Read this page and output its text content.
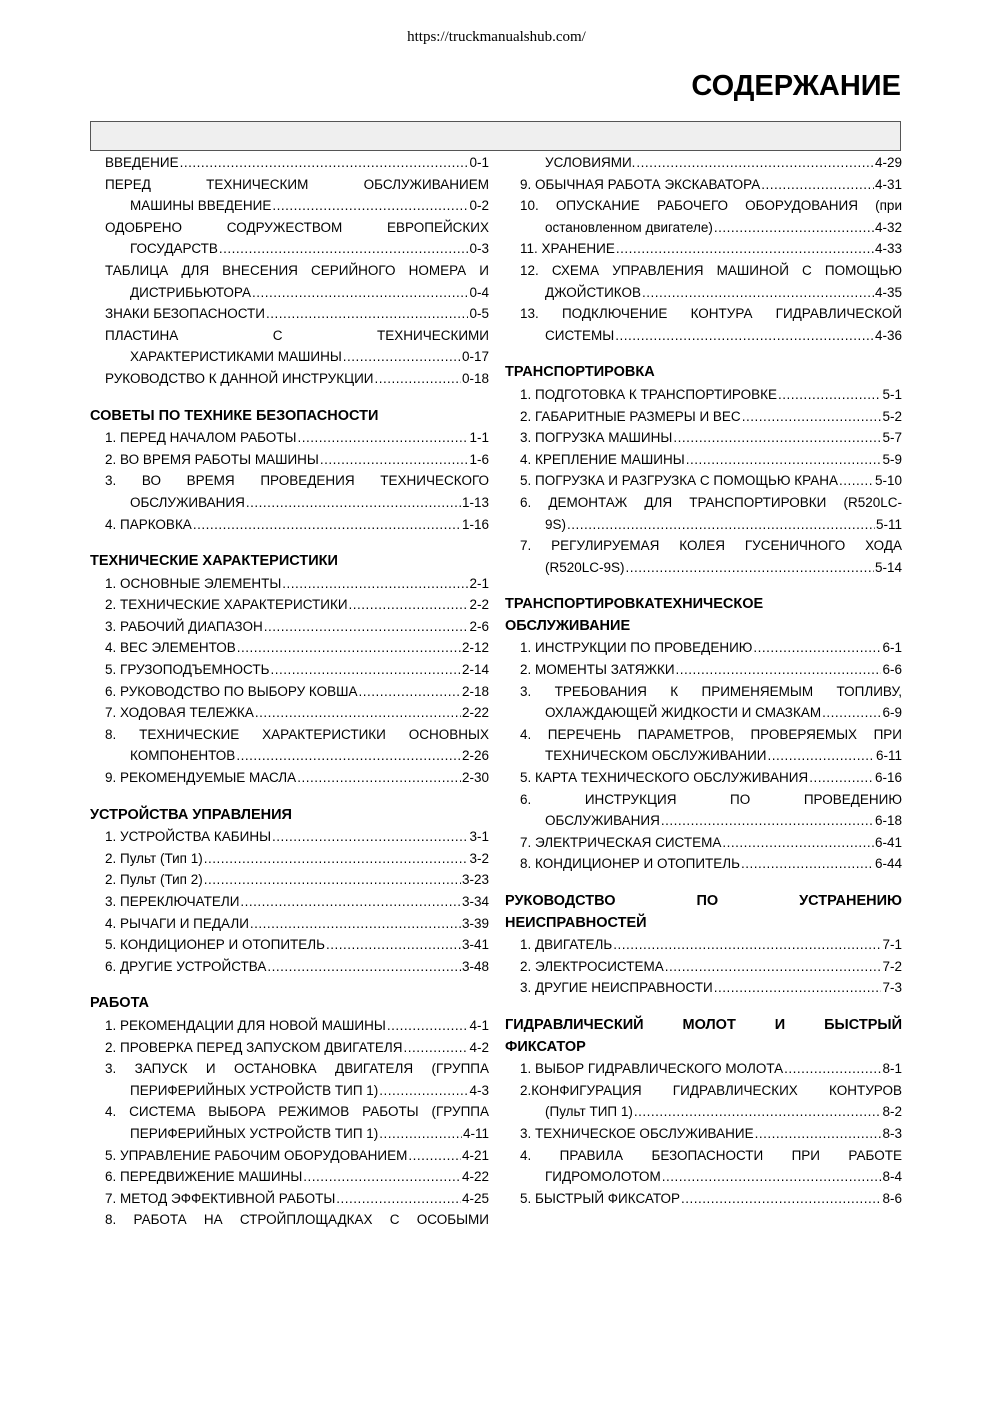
https://truckmanualshub.com/
СОДЕРЖАНИЕ
ВВЕДЕНИЕ .....	0-1
ПЕРЕД ТЕХНИЧЕСКИМ ОБСЛУЖИВАНИЕМ
МАШИНЫ ВВЕДЕНИЕ .....	0-2
ОДОБРЕНО СОДРУЖЕСТВОМ ЕВРОПЕЙСКИХ
ГОСУДАРСТВ .....	0-3
ТАБЛИЦА ДЛЯ ВНЕСЕНИЯ СЕРИЙНОГО НОМЕРА И
ДИСТРИБЬЮТОРА .....	0-4
ЗНАКИ БЕЗОПАСНОСТИ .....	0-5
ПЛАСТИНА С ТЕХНИЧЕСКИМИ
ХАРАКТЕРИСТИКАМИ МАШИНЫ .....	0-17
РУКОВОДСТВО К ДАННОЙ ИНСТРУКЦИИ .....	0-18
СОВЕТЫ ПО ТЕХНИКЕ БЕЗОПАСНОСТИ
1. ПЕРЕД НАЧАЛОМ РАБОТЫ .....	1-1
2. ВО ВРЕМЯ РАБОТЫ МАШИНЫ .....	1-6
3. ВО ВРЕМЯ ПРОВЕДЕНИЯ ТЕХНИЧЕСКОГО
ОБСЛУЖИВАНИЯ .....	1-13
4. ПАРКОВКА .....	1-16
ТЕХНИЧЕСКИЕ ХАРАКТЕРИСТИКИ
1. ОСНОВНЫЕ ЭЛЕМЕНТЫ .....	2-1
2. ТЕХНИЧЕСКИЕ ХАРАКТЕРИСТИКИ .....	2-2
3. РАБОЧИЙ ДИАПАЗОН .....	2-6
4. ВЕС ЭЛЕМЕНТОВ .....	2-12
5. ГРУЗОПОДЪЕМНОСТЬ .....	2-14
6. РУКОВОДСТВО ПО ВЫБОРУ КОВША .....	2-18
7. ХОДОВАЯ ТЕЛЕЖКА .....	2-22
8. ТЕХНИЧЕСКИЕ ХАРАКТЕРИСТИКИ ОСНОВНЫХ
КОМПОНЕНТОВ .....	2-26
9. РЕКОМЕНДУЕМЫЕ МАСЛА .....	2-30
УСТРОЙСТВА УПРАВЛЕНИЯ
1. УСТРОЙСТВА КАБИНЫ .....	3-1
2. Пульт (Тип 1) .....	3-2
2. Пульт (Тип 2) .....	3-23
3. ПЕРЕКЛЮЧАТЕЛИ .....	3-34
4. РЫЧАГИ И ПЕДАЛИ .....	3-39
5. КОНДИЦИОНЕР И ОТОПИТЕЛЬ .....	3-41
6. ДРУГИЕ УСТРОЙСТВА .....	3-48
РАБОТА
1. РЕКОМЕНДАЦИИ ДЛЯ НОВОЙ МАШИНЫ .....	4-1
2. ПРОВЕРКА ПЕРЕД ЗАПУСКОМ ДВИГАТЕЛЯ .....	4-2
3. ЗАПУСК И ОСТАНОВКА ДВИГАТЕЛЯ (ГРУППА
ПЕРИФЕРИЙНЫХ УСТРОЙСТВ ТИП 1) .....	4-3
4. СИСТЕМА ВЫБОРА РЕЖИМОВ РАБОТЫ (ГРУППА
ПЕРИФЕРИЙНЫХ УСТРОЙСТВ ТИП 1) .....	4-11
5. УПРАВЛЕНИЕ РАБОЧИМ ОБОРУДОВАНИЕМ .....	4-21
6. ПЕРЕДВИЖЕНИЕ МАШИНЫ .....	4-22
7. МЕТОД ЭФФЕКТИВНОЙ РАБОТЫ .....	4-25
8. РАБОТА НА СТРОЙПЛОЩАДКАХ С ОСОБЫМИ
УСЛОВИЯМИ. .....	4-29
9. ОБЫЧНАЯ РАБОТА ЭКСКАВАТОРА .....	4-31
10. ОПУСКАНИЕ РАБОЧЕГО ОБОРУДОВАНИЯ (при
остановленном двигателе) .....	4-32
11. ХРАНЕНИЕ .....	4-33
12. СХЕМА УПРАВЛЕНИЯ МАШИНОЙ С ПОМОЩЬЮ
ДЖОЙСТИКОВ .....	4-35
13. ПОДКЛЮЧЕНИЕ КОНТУРА ГИДРАВЛИЧЕСКОЙ
СИСТЕМЫ .....	4-36
ТРАНСПОРТИРОВКА
1. ПОДГОТОВКА К ТРАНСПОРТИРОВКЕ .....	5-1
2. ГАБАРИТНЫЕ РАЗМЕРЫ И ВЕС .....	5-2
3. ПОГРУЗКА МАШИНЫ .....	5-7
4. КРЕПЛЕНИЕ МАШИНЫ .....	5-9
5. ПОГРУЗКА И РАЗГРУЗКА С ПОМОЩЬЮ КРАНА .....	5-10
6. ДЕМОНТАЖ ДЛЯ ТРАНСПОРТИРОВКИ (R520LC-
9S) .....	5-11
7. РЕГУЛИРУЕМАЯ КОЛЕЯ ГУСЕНИЧНОГО ХОДА
(R520LC-9S) .....	5-14
ТРАНСПОРТИРОВКАТЕХНИЧЕСКОЕ
ОБСЛУЖИВАНИЕ
1. ИНСТРУКЦИИ ПО ПРОВЕДЕНИЮ .....	6-1
2. МОМЕНТЫ ЗАТЯЖКИ .....	6-6
3. ТРЕБОВАНИЯ К ПРИМЕНЯЕМЫМ ТОПЛИВУ,
ОХЛАЖДАЮЩЕЙ ЖИДКОСТИ И СМАЗКАМ .....	6-9
4. ПЕРЕЧЕНЬ ПАРАМЕТРОВ, ПРОВЕРЯЕМЫХ ПРИ
ТЕХНИЧЕСКОМ ОБСЛУЖИВАНИИ .....	6-11
5. КАРТА ТЕХНИЧЕСКОГО ОБСЛУЖИВАНИЯ .....	6-16
6. ИНСТРУКЦИЯ ПО ПРОВЕДЕНИЮ
ОБСЛУЖИВАНИЯ .....	6-18
7. ЭЛЕКТРИЧЕСКАЯ СИСТЕМА .....	6-41
8. КОНДИЦИОНЕР И ОТОПИТЕЛЬ .....	6-44
РУКОВОДСТВО ПО УСТРАНЕНИЮ
НЕИСПРАВНОСТЕЙ
1. ДВИГАТЕЛЬ .....	7-1
2. ЭЛЕКТРОСИСТЕМА .....	7-2
3. ДРУГИЕ НЕИСПРАВНОСТИ .....	7-3
ГИДРАВЛИЧЕСКИЙ МОЛОТ И БЫСТРЫЙ
ФИКСАТОР
1. ВЫБОР ГИДРАВЛИЧЕСКОГО МОЛОТА .....	8-1
2.КОНФИГУРАЦИЯ ГИДРАВЛИЧЕСКИХ КОНТУРОВ
(Пульт ТИП 1) .....	8-2
3. ТЕХНИЧЕСКОЕ ОБСЛУЖИВАНИЕ .....	8-3
4. ПРАВИЛА БЕЗОПАСНОСТИ ПРИ РАБОТЕ
ГИДРОМОЛОТОМ .....	8-4
5. БЫСТРЫЙ ФИКСАТОР .....	8-6
